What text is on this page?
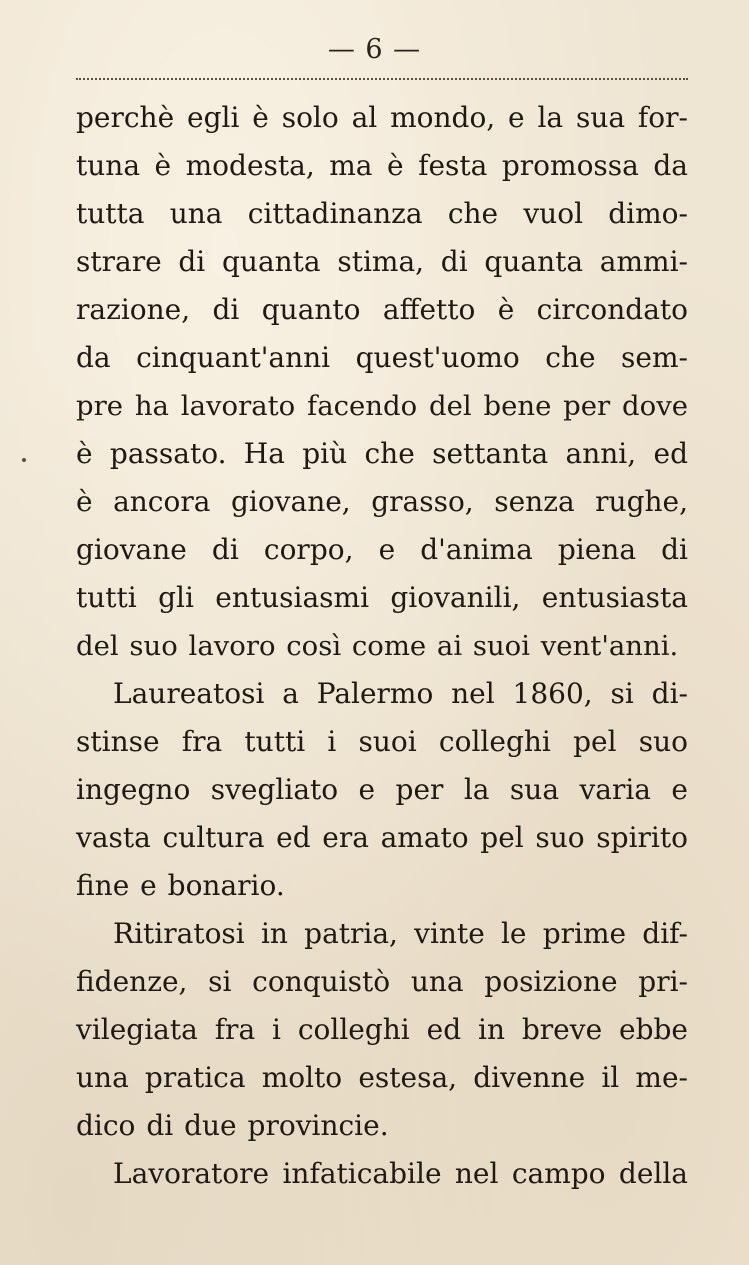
— 6 —
perchè egli è solo al mondo, e la sua for-
tuna è modesta, ma è festa promossa da
tutta una cittadinanza che vuol dimo-
strare di quanta stima, di quanta ammi-
razione, di quanto affetto è circondato
da cinquant'anni quest'uomo che sem-
pre ha lavorato facendo del bene per dove
è passato. Ha più che settanta anni, ed
è ancora giovane, grasso, senza rughe,
giovane di corpo, e d'anima piena di
tutti gli entusiasmi giovanili, entusiasta
del suo lavoro così come ai suoi vent'anni.
Laureatosi a Palermo nel 1860, si di-
stinse fra tutti i suoi colleghi pel suo
ingegno svegliato e per la sua varia e
vasta cultura ed era amato pel suo spirito
fine e bonario.
Ritiratosi in patria, vinte le prime dif-
fidenze, si conquistò una posizione pri-
vilegiata fra i colleghi ed in breve ebbe
una pratica molto estesa, divenne il me-
dico di due provincie.
Lavoratore infaticabile nel campo della
